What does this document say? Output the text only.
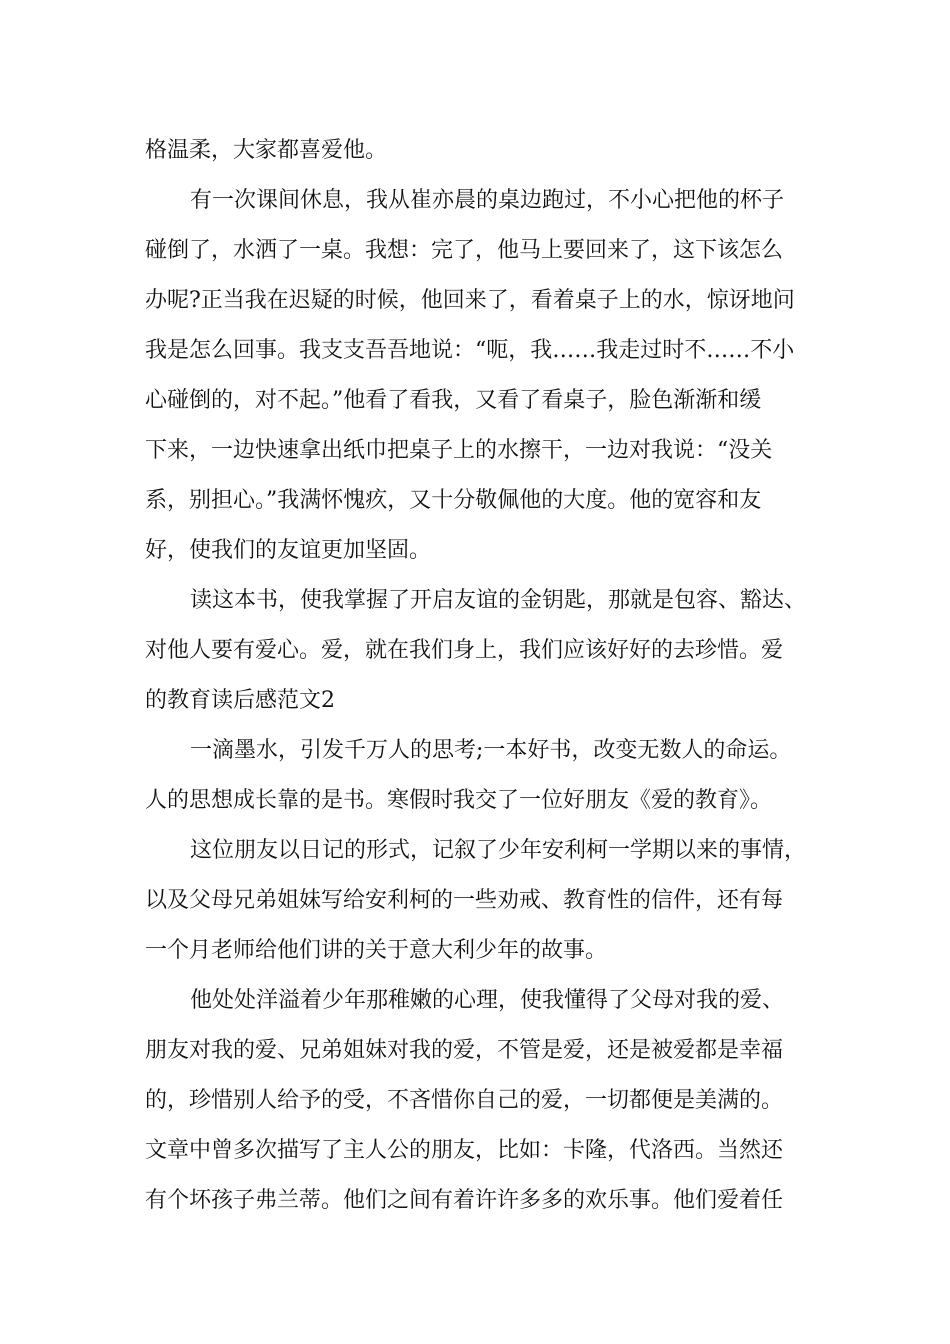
格温柔，大家都喜爱他。

有一次课间休息，我从崔亦晨的桌边跑过，不小心把他的杯子

碰倒了，水洒了一桌。我想：完了，他马上要回来了，这下该怎么

办呢?正当我在迟疑的时候，他回来了，看着桌子上的水，惊讶地问

我是怎么回事。我支支吾吾地说：“呃，我……我走过时不……不小

心碰倒的，对不起。”他看了看我，又看了看桌子，脸色渐渐和缓

下来，一边快速拿出纸巾把桌子上的水擦干，一边对我说：“没关

系，别担心。”我满怀愧疚，又十分敬佩他的大度。他的宽容和友

好，使我们的友谊更加坚固。

读这本书，使我掌握了开启友谊的金钥匙，那就是包容、豁达、

对他人要有爱心。爱，就在我们身上，我们应该好好的去珍惜。爱

的教育读后感范文2

一滴墨水，引发千万人的思考;一本好书，改变无数人的命运。

人的思想成长靠的是书。寒假时我交了一位好朋友《爱的教育》。

这位朋友以日记的形式，记叙了少年安利柯一学期以来的事情，

以及父母兄弟姐妹写给安利柯的一些劝戒、教育性的信件，还有每

一个月老师给他们讲的关于意大利少年的故事。

他处处洋溢着少年那稚嫩的心理，使我懂得了父母对我的爱、

朋友对我的爱、兄弟姐妹对我的爱，不管是爱，还是被爱都是幸福

的，珍惜别人给予的受，不吝惜你自己的爱，一切都便是美满的。

文章中曾多次描写了主人公的朋友，比如：卡隆，代洛西。当然还

有个坏孩子弗兰蒂。他们之间有着许许多多的欢乐事。他们爱着任
